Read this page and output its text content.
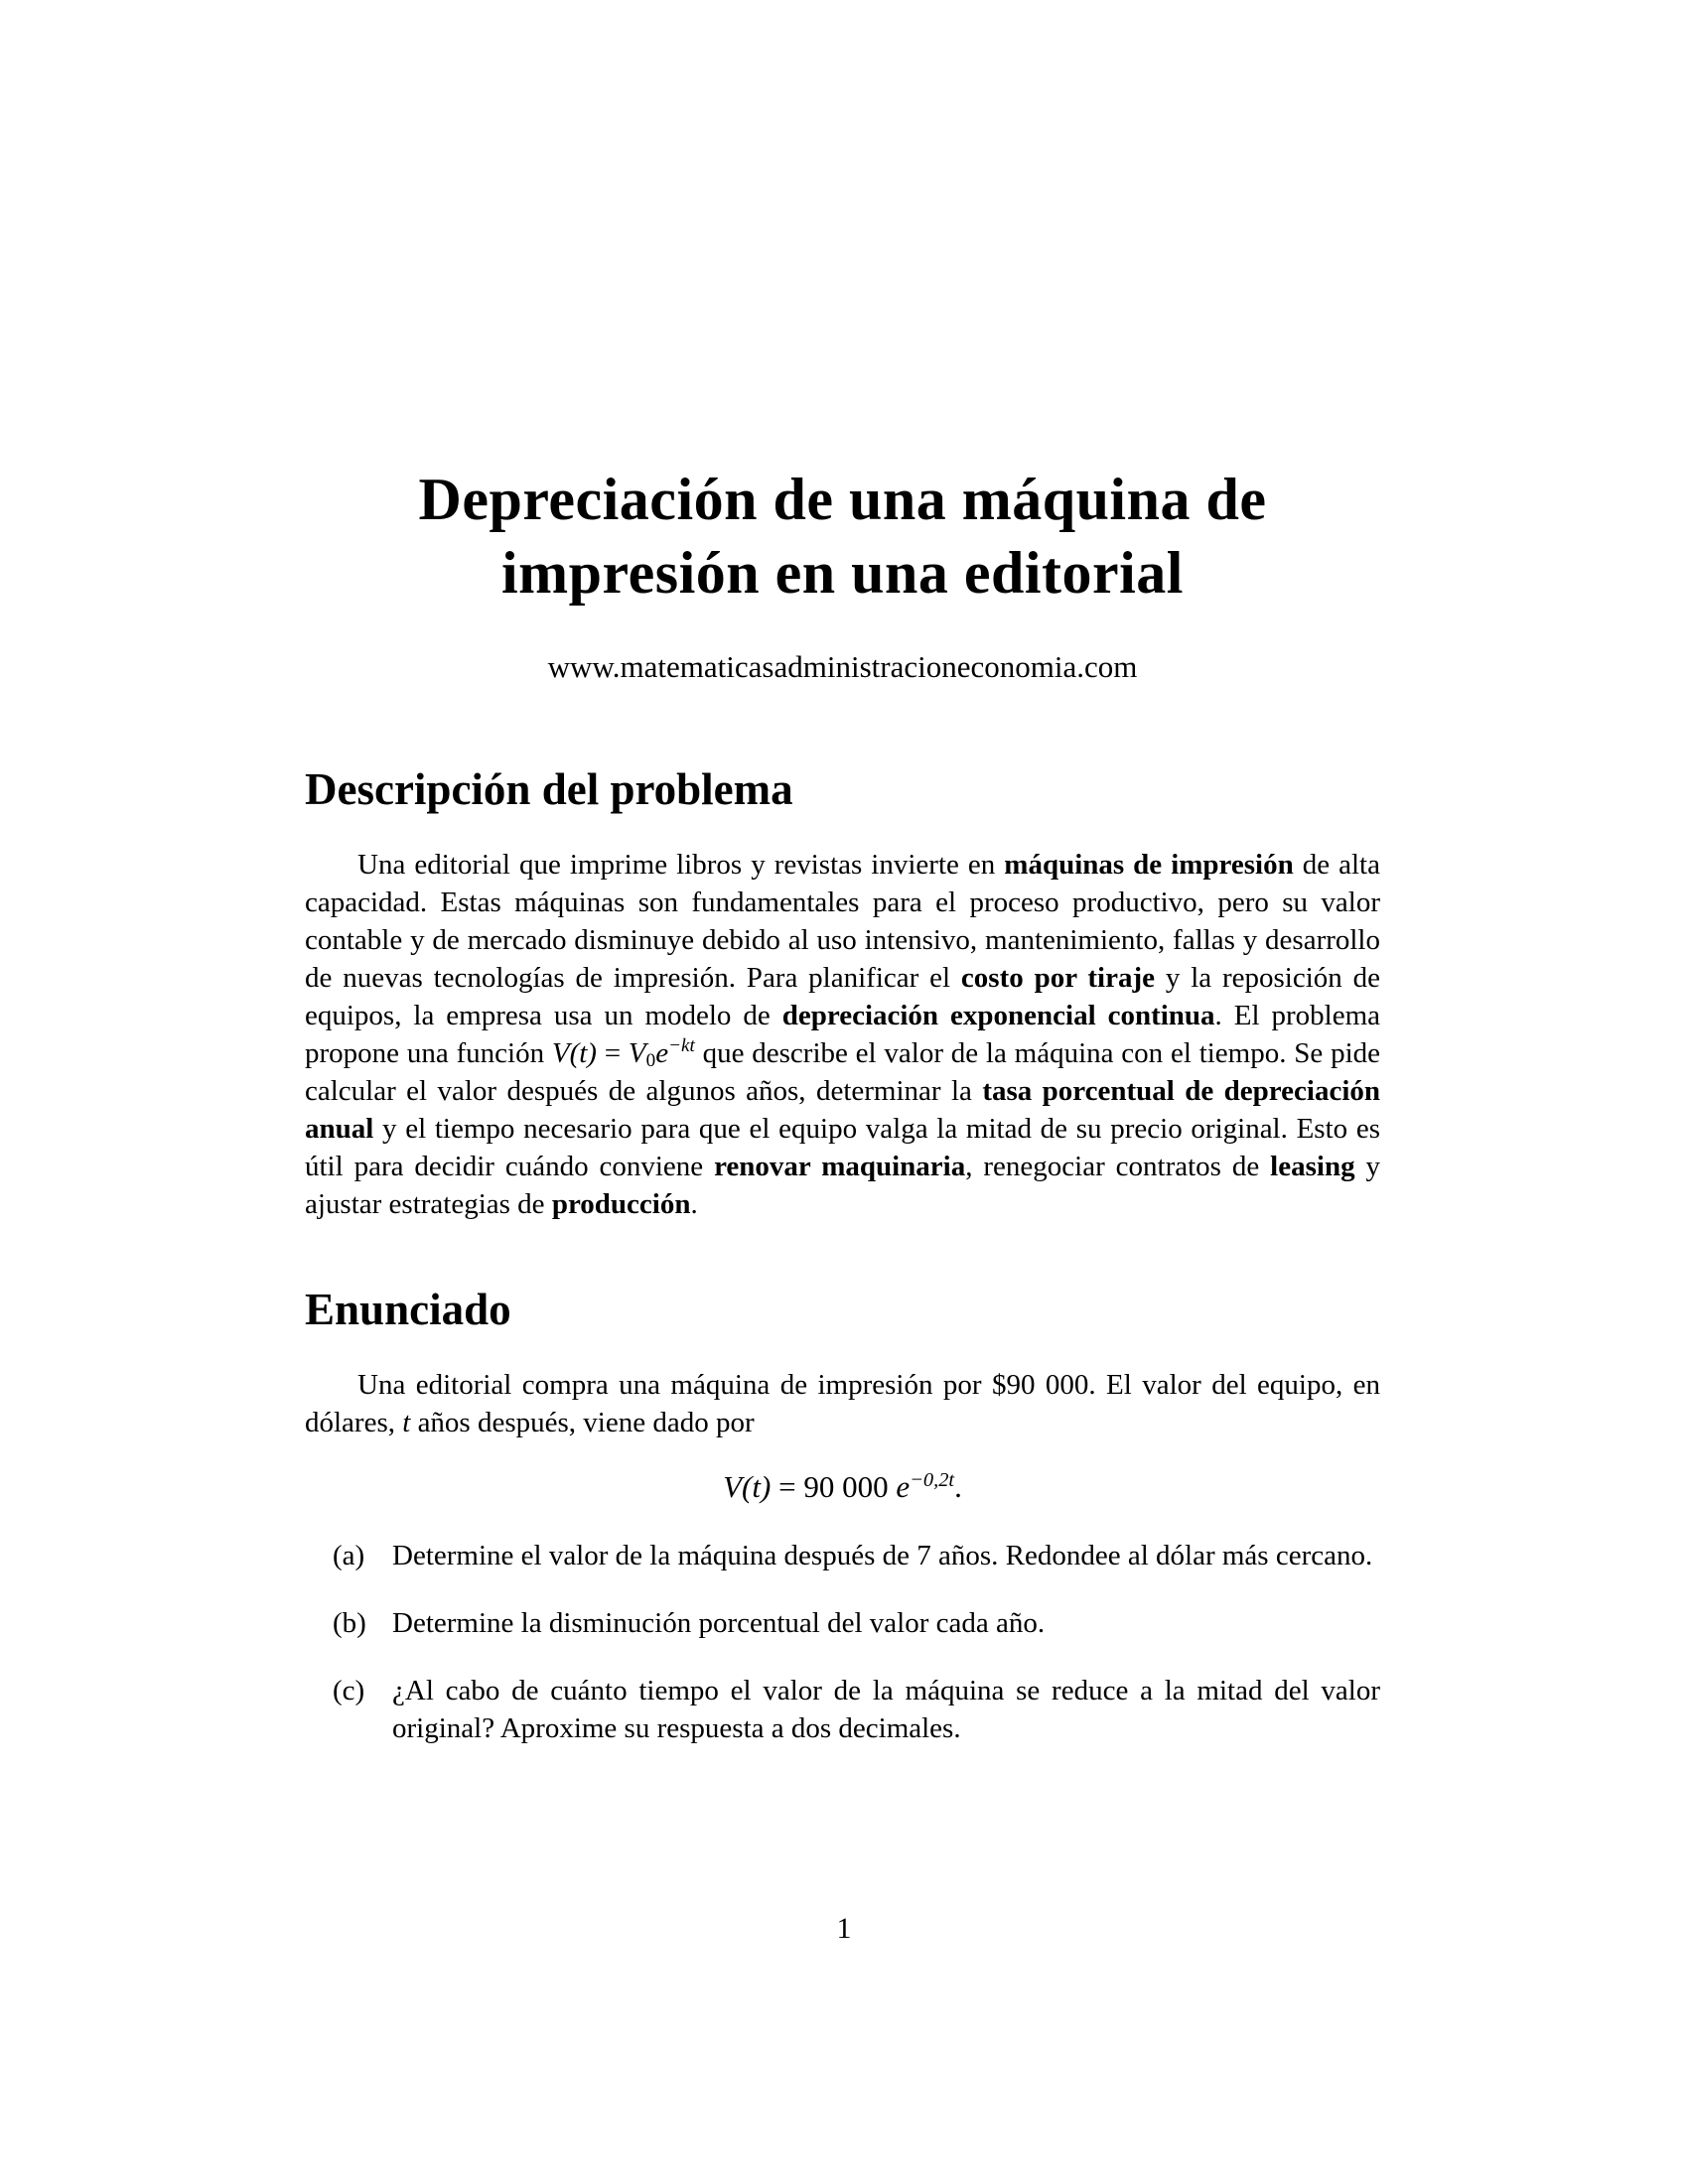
Depreciación de una máquina de
impresión en una editorial
www.matematicasadministracioneconomia.com
Descripción del problema

Una editorial que imprime libros y revistas invierte en máquinas de impresión de alta capacidad. Estas máquinas son fundamentales para el proceso productivo, pero su valor contable y de mercado disminuye debido al uso intensivo, mantenimiento, fallas y desarrollo de nuevas tecnologías de impresión. Para planificar el costo por tiraje y la reposición de equipos, la empresa usa un modelo de depreciación exponencial continua. El problema propone una función $V(t) = V0e^{-kt}$ que describe el valor de la máquina con el tiempo. Se pide calcular el valor después de algunos años, determinar la tasa porcentual de depreciación anual y el tiempo necesario para que el equipo valga la mitad de su precio original. Esto es útil para decidir cuándo conviene renovar maquinaria, renegociar contratos de leasing y ajustar estrategias de producción.

Enunciado

Una editorial compra una máquina de impresión por $90 000. El valor del equipo, en dólares, t años después, viene dado por

V(t) = 90 000 $e^{-0,2t}$.
(a) Determine el valor de la máquina después de 7 años. Redondee al dólar más cercano.
(b) Determine la disminución porcentual del valor cada año.
(c) ¿Al cabo de cuánto tiempo el valor de la máquina se reduce a la mitad del valor original? Aproxime su respuesta a dos decimales.
1
